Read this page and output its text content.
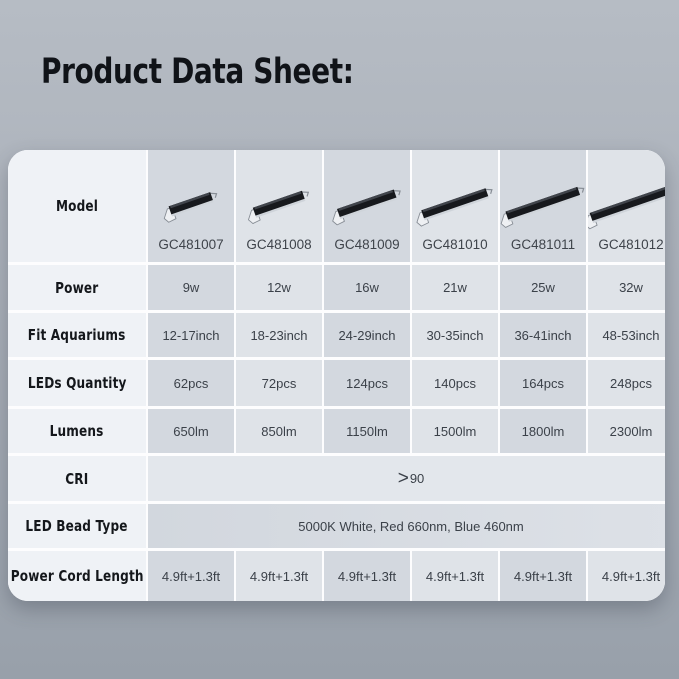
Product Data Sheet:
Model
GC481007 GC481008 GC481009 GC481010 GC481011 GC481012
Power	9w	12w	16w	21w	25w	32w
Fit Aquariums	12-17inch 18-23inch 24-29inch 30-35inch 36-41inch 48-53inch
LEDs Quantity	62pcs	72pcs	124pcs	140pcs	164pcs	248pcs
Lumens	650lm	850lm	1150lm	1500lm	1800lm	2300lm
CRI	> 90
LED Bead Type	5000K White, Red 660nm, Blue 460nm
Power Cord Length 4.9ft+1.3ft 4.9ft+1.3ft 4.9ft+1.3ft 4.9ft+1.3ft 4.9ft+1.3ft 4.9ft+1.3ft
